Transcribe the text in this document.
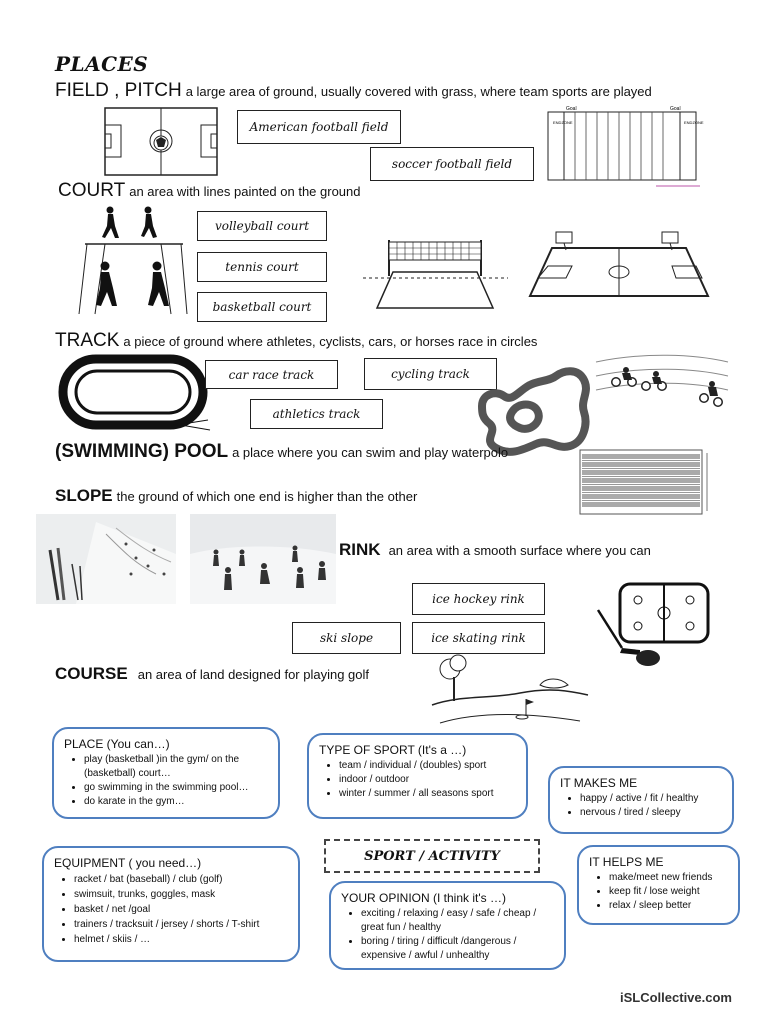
PLACES
FIELD , PITCH a large area of ground, usually covered with grass, where team sports are played
American football field
soccer football field
Goal	Goal
ENDZONE	ENDZONE
COURT an area with lines painted on the ground
volleyball court
tennis court
basketball court
TRACK a piece of ground where athletes, cyclists, cars, or horses race in circles
car race track	cycling track
athletics track
(SWIMMING) POOL a place where you can swim and play waterpolo
SLOPE the ground of which one end is higher than the other
RINK an area with a smooth surface where you can
ice hockey rink
ski slope	ice skating rink
COURSE an area of land designed for playing golf
PLACE (You can…)
• play (basketball )in the gym/ on the (basketball) court…
• go swimming in the swimming pool…
• do karate in the gym…
TYPE OF SPORT (It's a …)
• team / individual / (doubles) sport
• indoor / outdoor
• winter / summer / all seasons sport
IT MAKES ME
• happy / active / fit / healthy
• nervous / tired / sleepy
SPORT / ACTIVITY
EQUIPMENT ( you need…)
• racket / bat (baseball) / club (golf)
• swimsuit, trunks, goggles, mask
• basket / net /goal
• trainers / tracksuit / jersey / shorts / T-shirt
• helmet / skiis / …
YOUR OPINION (I think it's …)
• exciting / relaxing / easy / safe / cheap / great fun / healthy
• boring / tiring / difficult /dangerous / expensive / awful / unhealthy
IT HELPS ME
• make/meet new friends
• keep fit / lose weight
• relax / sleep better
iSLCollective.com
